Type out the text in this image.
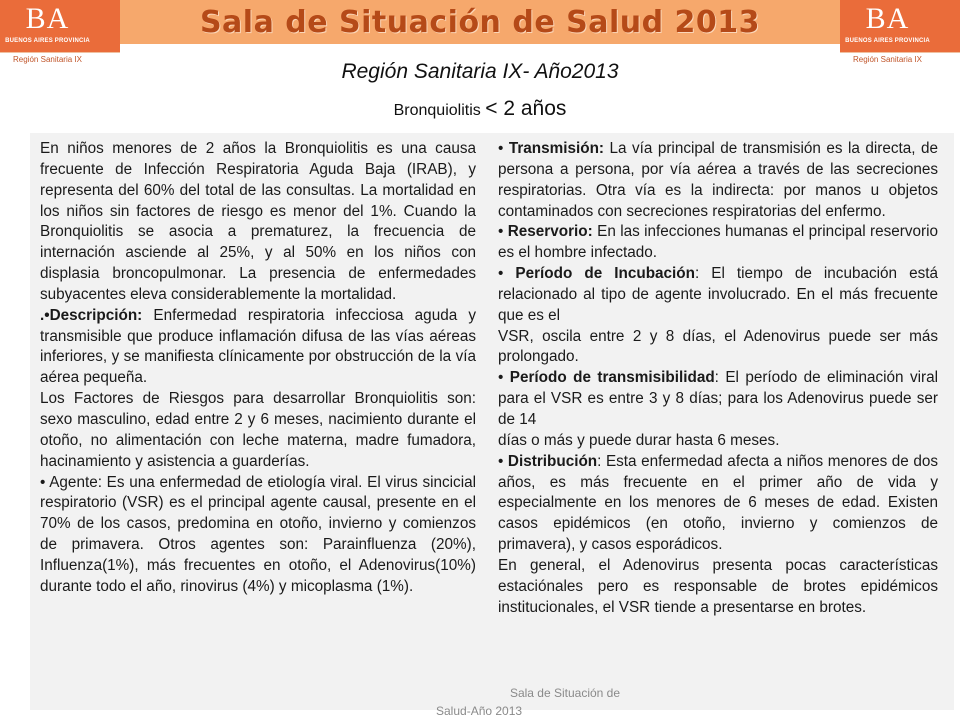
Sala de Situación de Salud 2013
BA
BUENOS AIRES PROVINCIA
Región Sanitaria IX
BA
BUENOS AIRES PROVINCIA
Región Sanitaria IX
Región Sanitaria IX- Año2013
Bronquiolitis < 2 años

En niños menores de 2 años la Bronquiolitis es una causa frecuente de Infección Respiratoria Aguda Baja (IRAB), y representa del 60% del total de las consultas. La mortalidad en los niños sin factores de riesgo es menor del 1%. Cuando la Bronquiolitis se asocia a prematurez, la frecuencia de internación asciende al 25%, y al 50% en los niños con displasia broncopulmonar. La presencia de enfermedades subyacentes eleva considerablemente la mortalidad.

.•Descripción: Enfermedad respiratoria infecciosa aguda y transmisible que produce inflamación difusa de las vías aéreas inferiores, y se manifiesta clínicamente por obstrucción de la vía aérea pequeña.

Los Factores de Riesgos para desarrollar Bronquiolitis son: sexo masculino, edad entre 2 y 6 meses, nacimiento durante el otoño, no alimentación con leche materna, madre fumadora, hacinamiento y asistencia a guarderías.

• Agente: Es una enfermedad de etiología viral. El virus sincicial respiratorio (VSR) es el principal agente causal, presente en el 70% de los casos, predomina en otoño, invierno y comienzos de primavera. Otros agentes son: Parainfluenza (20%), Influenza(1%), más frecuentes en otoño, el Adenovirus(10%) durante todo el año, rinovirus (4%) y micoplasma (1%).

• Transmisión: La vía principal de transmisión es la directa, de persona a persona, por vía aérea a través de las secreciones respiratorias. Otra vía es la indirecta: por manos u objetos contaminados con secreciones respiratorias del enfermo.

• Reservorio: En las infecciones humanas el principal reservorio es el hombre infectado.

• Período de Incubación: El tiempo de incubación está relacionado al tipo de agente involucrado. En el más frecuente que es el

VSR, oscila entre 2 y 8 días, el Adenovirus puede ser más prolongado.

• Período de transmisibilidad: El período de eliminación viral para el VSR es entre 3 y 8 días; para los Adenovirus puede ser de 14

días o más y puede durar hasta 6 meses.

• Distribución: Esta enfermedad afecta a niños menores de dos años, es más frecuente en el primer año de vida y especialmente en los menores de 6 meses de edad. Existen casos epidémicos (en otoño, invierno y comienzos de primavera), y casos esporádicos.

En general, el Adenovirus presenta pocas características estaciónales pero es responsable de brotes epidémicos institucionales, el VSR tiende a presentarse en brotes.

Sala de Situación de
Salud-Año 2013
